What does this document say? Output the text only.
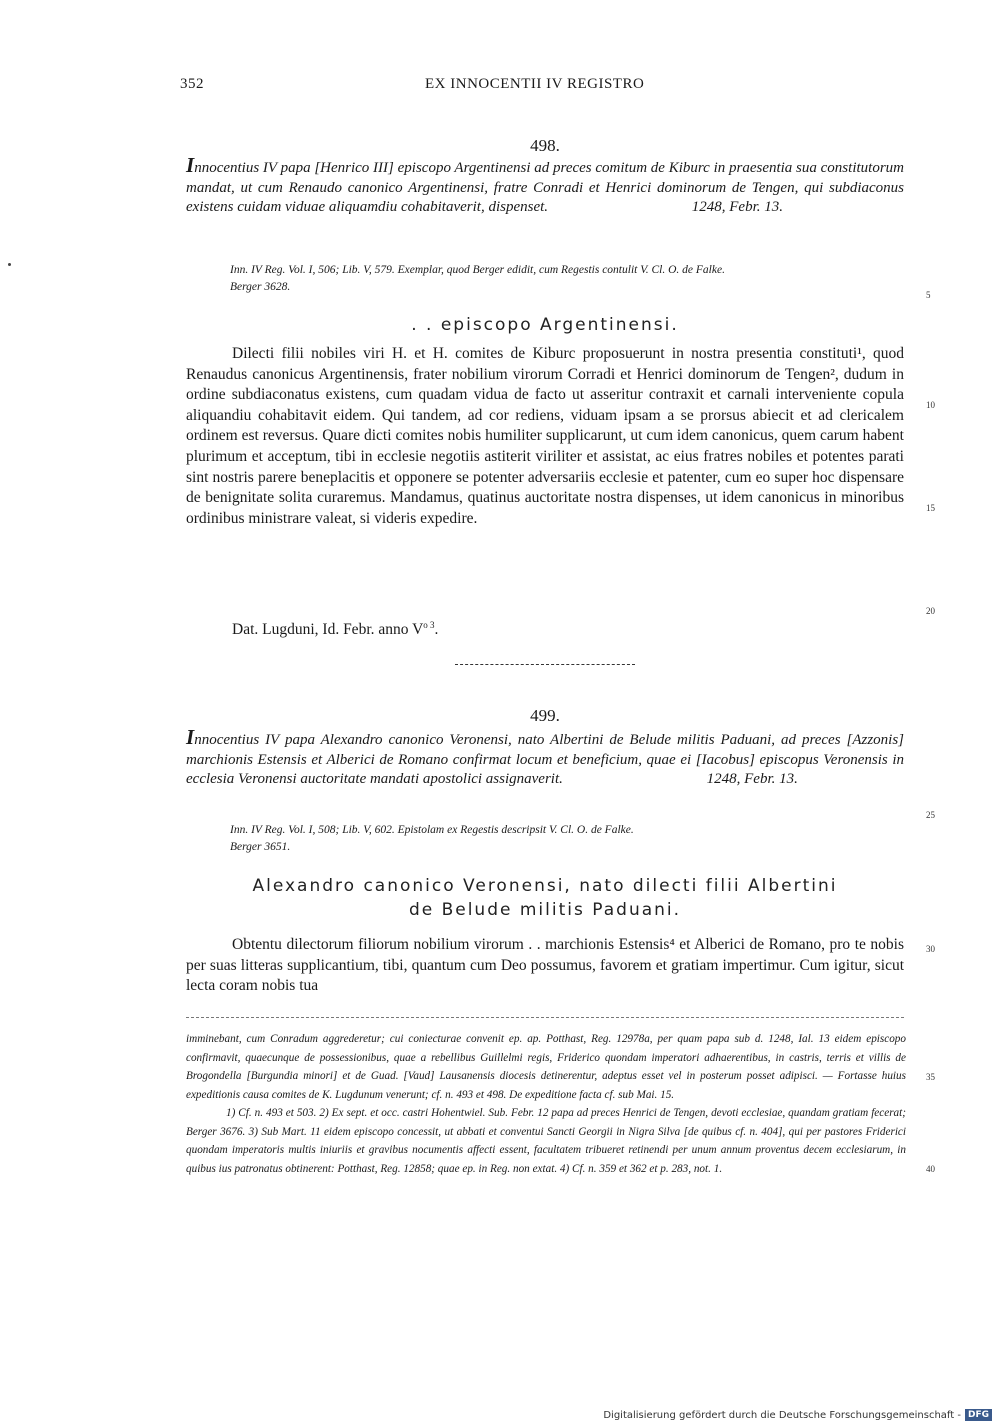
352	EX INNOCENTII IV REGISTRO
498.
Innocentius IV papa [Henrico III] episcopo Argentinensi ad preces comitum de Kiburc in praesentia sua constitutorum mandat, ut cum Renaudo canonico Argentinensi, fratre Conradi et Henrici dominorum de Tengen, qui subdiaconus existens cuidam viduae aliquamdiu cohabitaverit, dispenset.	1248, Febr. 13.
Inn. IV Reg. Vol. I, 506; Lib. V, 579. Exemplar, quod Berger edidit, cum Regestis contulit V. Cl. O. de Falke.
Berger 3628.
. . episcopo Argentinensi.

Dilecti filii nobiles viri H. et H. comites de Kiburc proposuerunt in nostra presentia constituti¹, quod Renaudus canonicus Argentinensis, frater nobilium virorum Corradi et Henrici dominorum de Tengen², dudum in ordine subdiaconatus existens, cum quadam vidua de facto ut asseritur contraxit et carnali interveniente copula aliquandiu cohabitavit eidem. Qui tandem, ad cor rediens, viduam ipsam a se prorsus abiecit et ad clericalem ordinem est reversus. Quare dicti comites nobis humiliter supplicarunt, ut cum idem canonicus, quem carum habent plurimum et acceptum, tibi in ecclesie negotiis astiterit viriliter et assistat, ac eius fratres nobiles et potentes parati sint nostris parere beneplacitis et opponere se potenter adversariis ecclesie et patenter, cum eo super hoc dispensare de benignitate solita curaremus. Mandamus, quatinus auctoritate nostra dispenses, ut idem canonicus in minoribus ordinibus ministrare valeat, si videris expedire.

Dat. Lugduni, Id. Febr. anno $V^{o 3}$.
499.
Innocentius IV papa Alexandro canonico Veronensi, nato Albertini de Belude militis Paduani, ad preces [Azzonis] marchionis Estensis et Alberici de Romano confirmat locum et beneficium, quae ei [Iacobus] episcopus Veronensis in ecclesia Veronensi auctoritate mandati apostolici assignaverit.	1248, Febr. 13.
Inn. IV Reg. Vol. I, 508; Lib. V, 602. Epistolam ex Regestis descripsit V. Cl. O. de Falke.
Berger 3651.
Alexandro canonico Veronensi, nato dilecti filii Albertini
de Belude militis Paduani.

Obtentu dilectorum filiorum nobilium virorum . . marchionis Estensis⁴ et Alberici de Romano, pro te nobis per suas litteras supplicantium, tibi, quantum cum Deo possumus, favorem et gratiam impertimur. Cum igitur, sicut lecta coram nobis tua

imminebant, cum Conradum aggrederetur; cui coniecturae convenit ep. ap. Potthast, Reg. 12978a, per quam papa sub d. 1248, Ial. 13 eidem episcopo confirmavit, quaecunque de possessionibus, quae a rebellibus Guillelmi regis, Friderico quondam imperatori adhaerentibus, in castris, terris et villis de Brogondella [Burgundia minori] et de Guad. [Vaud] Lausanensis diocesis detinerentur, adeptus esset vel in posterum posset adipisci. — Fortasse huius expeditionis causa comites de K. Lugdunum venerunt; cf. n. 493 et 498. De expeditione facta cf. sub Mai. 15.

1) Cf. n. 493 et 503. 2) Ex sept. et occ. castri Hohentwiel. Sub. Febr. 12 papa ad preces Henrici de Tengen, devoti ecclesiae, quandam gratiam fecerat; Berger 3676. 3) Sub Mart. 11 eidem episcopo concessit, ut abbati et conventui Sancti Georgii in Nigra Silva [de quibus cf. n. 404], qui per pastores Friderici quondam imperatoris multis iniuriis et gravibus nocumentis affecti essent, facultatem tribueret retinendi per unum annum proventus decem ecclesiarum, in quibus ius patronatus obtinerent: Potthast, Reg. 12858; quae ep. in Reg. non extat. 4) Cf. n. 359 et 362 et p. 283, not. 1.

5
10
15
20
25
30
35
40
Digitalisierung gefördert durch die Deutsche Forschungsgemeinschaft - DFG
